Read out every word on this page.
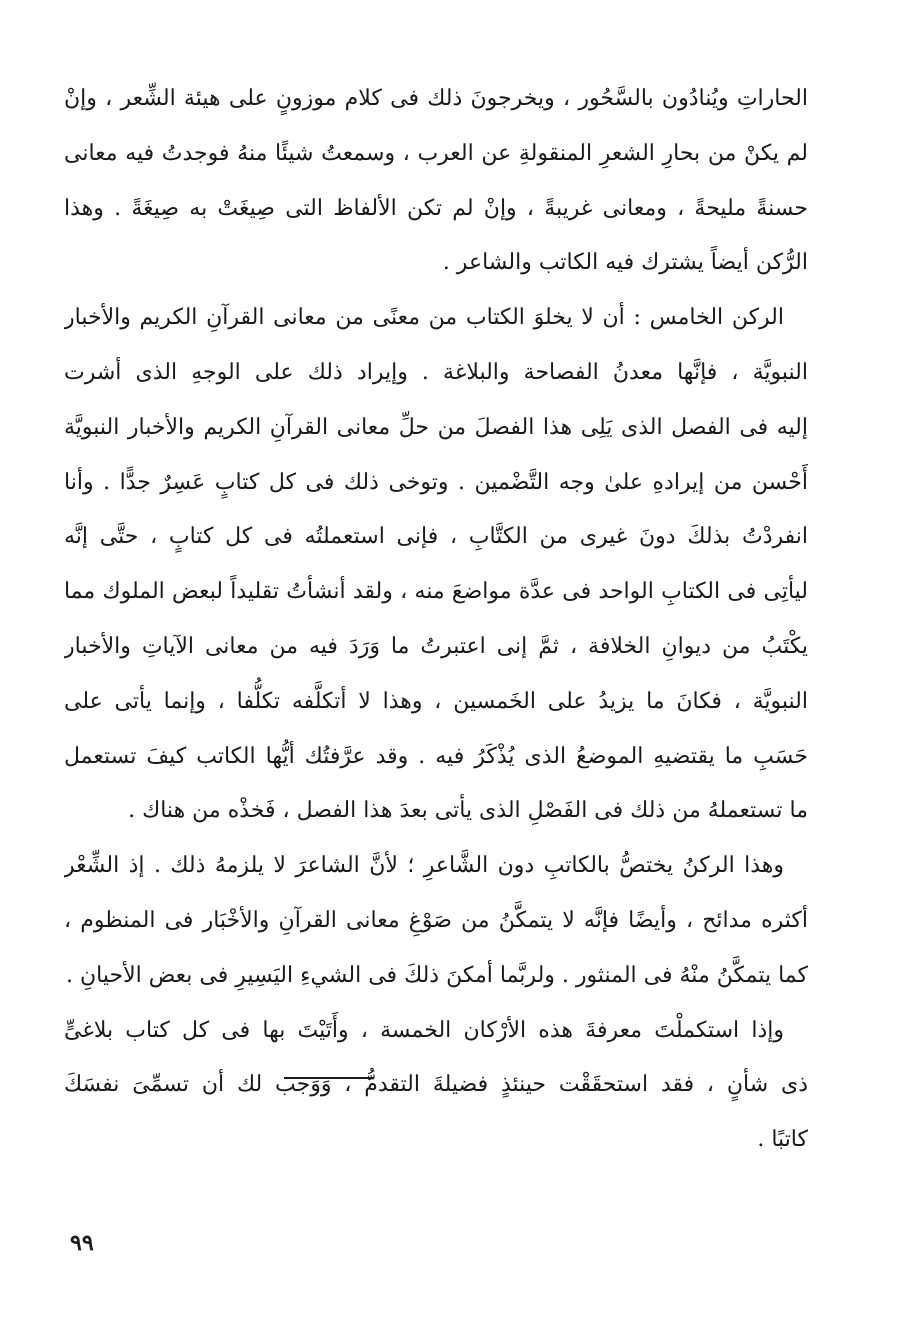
الحاراتِ ويُنادُون بالسَّحُور ، ويخرجونَ ذلك فى كلام موزونٍ على هيئة الشِّعر ، وإنْ
لم يكنْ من بحارِ الشعرِ المنقولةِ عن العرب ، وسمعتُ شيئًا منهُ فوجدتُ فيه معانى
حسنةً مليحةً ، ومعانى غريبةً ، وإنْ لم تكن الألفاظ التى صِيغَتْ به صِيغَةً . وهذا
الرُّكن أيضاً يشترك فيه الكاتب والشاعر .
الركن الخامس : أن لا يخلوَ الكتاب من معنًى من معانى القرآنِ الكريم والأخبار
النبويَّة ، فإنَّها معدنُ الفصاحة والبلاغة . وإيراد ذلك على الوجهِ الذى أشرت
إليه فى الفصل الذى يَلِى هذا الفصلَ من حلِّ معانى القرآنِ الكريم والأخبار النبويَّة
أَحْسن من إيرادهِ علىٰ وجه التَّضْمين . وتوخى ذلك فى كل كتابٍ عَسِرٌ جدًّا . وأنا
انفردْتُ بذلكَ دونَ غيرى من الكتَّابِ ، فإنى استعملتُه فى كل كتابٍ ، حتَّى إنَّه
ليأتِى فى الكتابِ الواحد فى عدَّة مواضعَ منه ، ولقد أنشأتُ تقليداً لبعض الملوك مما
يكْتَبُ من ديوانِ الخلافة ، ثمَّ إنى اعتبرتُ ما وَرَدَ فيه من معانى الآياتِ والأخبار
النبويَّة ، فكانَ ما يزيدُ على الخَمسين ، وهذا لا أتكلَّفه تكلُّفا ، وإنما يأتى على
حَسَبِ ما يقتضيهِ الموضعُ الذى يُذْكَرُ فيه . وقد عرَّفتُك أيُّها الكاتب كيفَ تستعمل
ما تستعملهُ من ذلك فى الفَصْلِ الذى يأتى بعدَ هذا الفصل ، فَخذْه من هناك .
وهذا الركنُ يختصُّ بالكاتبِ دون الشَّاعرِ ؛ لأنَّ الشاعرَ لا يلزمهُ ذلك . إذ الشِّعْر
أكثره مدائح ، وأيضًا فإنَّه لا يتمكَّنُ من صَوْغِ معانى القرآنِ والأخْبَار فى المنظوم ،
كما يتمكَّنُ منْهُ فى المنثور . ولربَّما أمكنَ ذلكَ فى الشيءِ اليَسِيرِ فى بعض الأحيانِ .
وإذا استكملْتَ معرفةَ هذه الأرْكان الخمسة ، وأَتَيْتَ بها فى كل كتاب بلاغىٍّ
ذى شأنٍ ، فقد استحقَقْت حينئذٍ فضيلةَ التقدمُّ ، وَوَجب لك أن تسمِّىَ نفسَكَ
كاتبًا .
٩٩
